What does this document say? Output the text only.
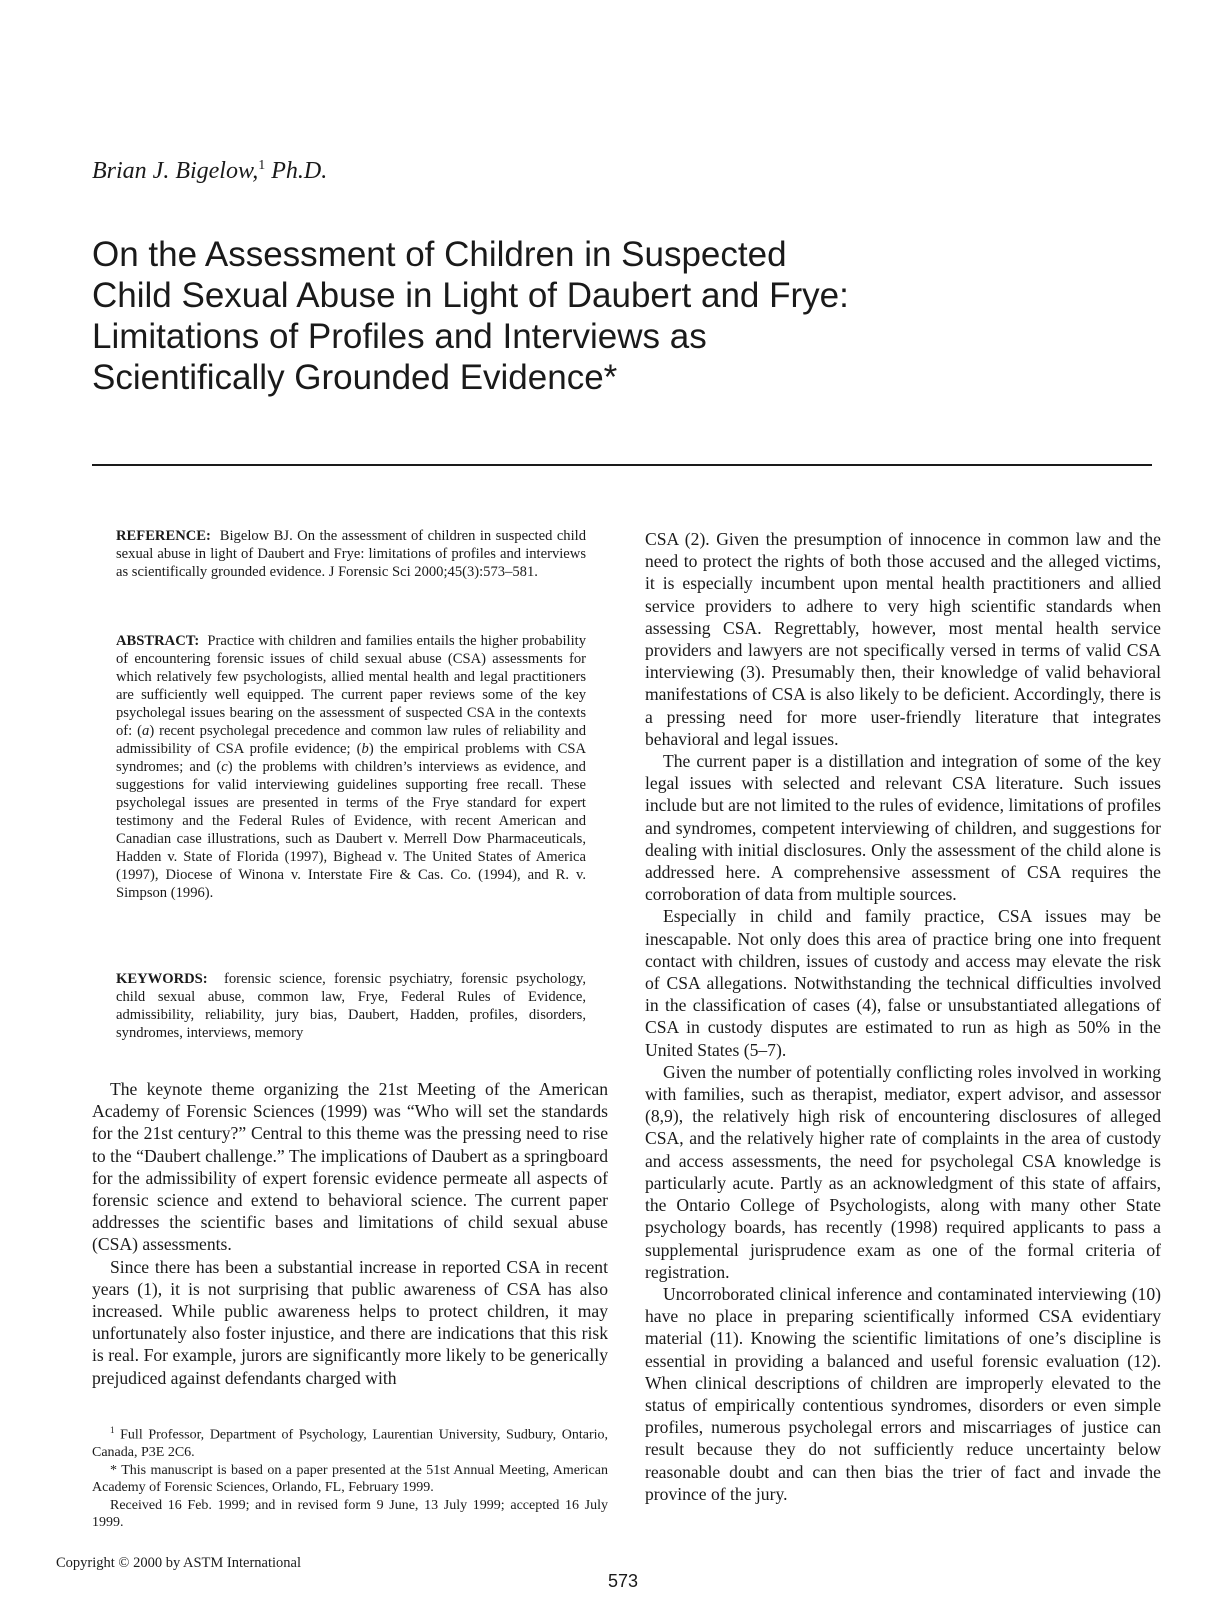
Brian J. Bigelow,$^1$ Ph.D.
On the Assessment of Children in Suspected
Child Sexual Abuse in Light of Daubert and Frye:
Limitations of Profiles and Interviews as
Scientifically Grounded Evidence*
REFERENCE: Bigelow BJ. On the assessment of children in suspected child sexual abuse in light of Daubert and Frye: limitations of profiles and interviews as scientifically grounded evidence. J Forensic Sci 2000;45(3):573–581.
ABSTRACT: Practice with children and families entails the higher probability of encountering forensic issues of child sexual abuse (CSA) assessments for which relatively few psychologists, allied mental health and legal practitioners are sufficiently well equipped. The current paper reviews some of the key psycholegal issues bearing on the assessment of suspected CSA in the contexts of: (a) recent psycholegal precedence and common law rules of reliability and admissibility of CSA profile evidence; (b) the empirical problems with CSA syndromes; and (c) the problems with children’s interviews as evidence, and suggestions for valid interviewing guidelines supporting free recall. These psycholegal issues are presented in terms of the Frye standard for expert testimony and the Federal Rules of Evidence, with recent American and Canadian case illustrations, such as Daubert v. Merrell Dow Pharmaceuticals, Hadden v. State of Florida (1997), Bighead v. The United States of America (1997), Diocese of Winona v. Interstate Fire & Cas. Co. (1994), and R. v. Simpson (1996).
KEYWORDS: forensic science, forensic psychiatry, forensic psychology, child sexual abuse, common law, Frye, Federal Rules of Evidence, admissibility, reliability, jury bias, Daubert, Hadden, profiles, disorders, syndromes, interviews, memory

The keynote theme organizing the 21st Meeting of the American Academy of Forensic Sciences (1999) was “Who will set the standards for the 21st century?” Central to this theme was the pressing need to rise to the “Daubert challenge.” The implications of Daubert as a springboard for the admissibility of expert forensic evidence permeate all aspects of forensic science and extend to behavioral science. The current paper addresses the scientific bases and limitations of child sexual abuse (CSA) assessments.

Since there has been a substantial increase in reported CSA in recent years (1), it is not surprising that public awareness of CSA has also increased. While public awareness helps to protect children, it may unfortunately also foster injustice, and there are indications that this risk is real. For example, jurors are significantly more likely to be generically prejudiced against defendants charged with

CSA (2). Given the presumption of innocence in common law and the need to protect the rights of both those accused and the alleged victims, it is especially incumbent upon mental health practitioners and allied service providers to adhere to very high scientific standards when assessing CSA. Regrettably, however, most mental health service providers and lawyers are not specifically versed in terms of valid CSA interviewing (3). Presumably then, their knowledge of valid behavioral manifestations of CSA is also likely to be deficient. Accordingly, there is a pressing need for more user-friendly literature that integrates behavioral and legal issues.

The current paper is a distillation and integration of some of the key legal issues with selected and relevant CSA literature. Such issues include but are not limited to the rules of evidence, limitations of profiles and syndromes, competent interviewing of children, and suggestions for dealing with initial disclosures. Only the assessment of the child alone is addressed here. A comprehensive assessment of CSA requires the corroboration of data from multiple sources.

Especially in child and family practice, CSA issues may be inescapable. Not only does this area of practice bring one into frequent contact with children, issues of custody and access may elevate the risk of CSA allegations. Notwithstanding the technical difficulties involved in the classification of cases (4), false or unsubstantiated allegations of CSA in custody disputes are estimated to run as high as 50% in the United States (5–7).

Given the number of potentially conflicting roles involved in working with families, such as therapist, mediator, expert advisor, and assessor (8,9), the relatively high risk of encountering disclosures of alleged CSA, and the relatively higher rate of complaints in the area of custody and access assessments, the need for psycholegal CSA knowledge is particularly acute. Partly as an acknowledgment of this state of affairs, the Ontario College of Psychologists, along with many other State psychology boards, has recently (1998) required applicants to pass a supplemental jurisprudence exam as one of the formal criteria of registration.

Uncorroborated clinical inference and contaminated interviewing (10) have no place in preparing scientifically informed CSA evidentiary material (11). Knowing the scientific limitations of one’s discipline is essential in providing a balanced and useful forensic evaluation (12). When clinical descriptions of children are improperly elevated to the status of empirically contentious syndromes, disorders or even simple profiles, numerous psycholegal errors and miscarriages of justice can result because they do not sufficiently reduce uncertainty below reasonable doubt and can then bias the trier of fact and invade the province of the jury.

$^1$ Full Professor, Department of Psychology, Laurentian University, Sudbury, Ontario, Canada, P3E 2C6.

* This manuscript is based on a paper presented at the 51st Annual Meeting, American Academy of Forensic Sciences, Orlando, FL, February 1999.

Received 16 Feb. 1999; and in revised form 9 June, 13 July 1999; accepted 16 July 1999.

Copyright © 2000 by ASTM International
573
